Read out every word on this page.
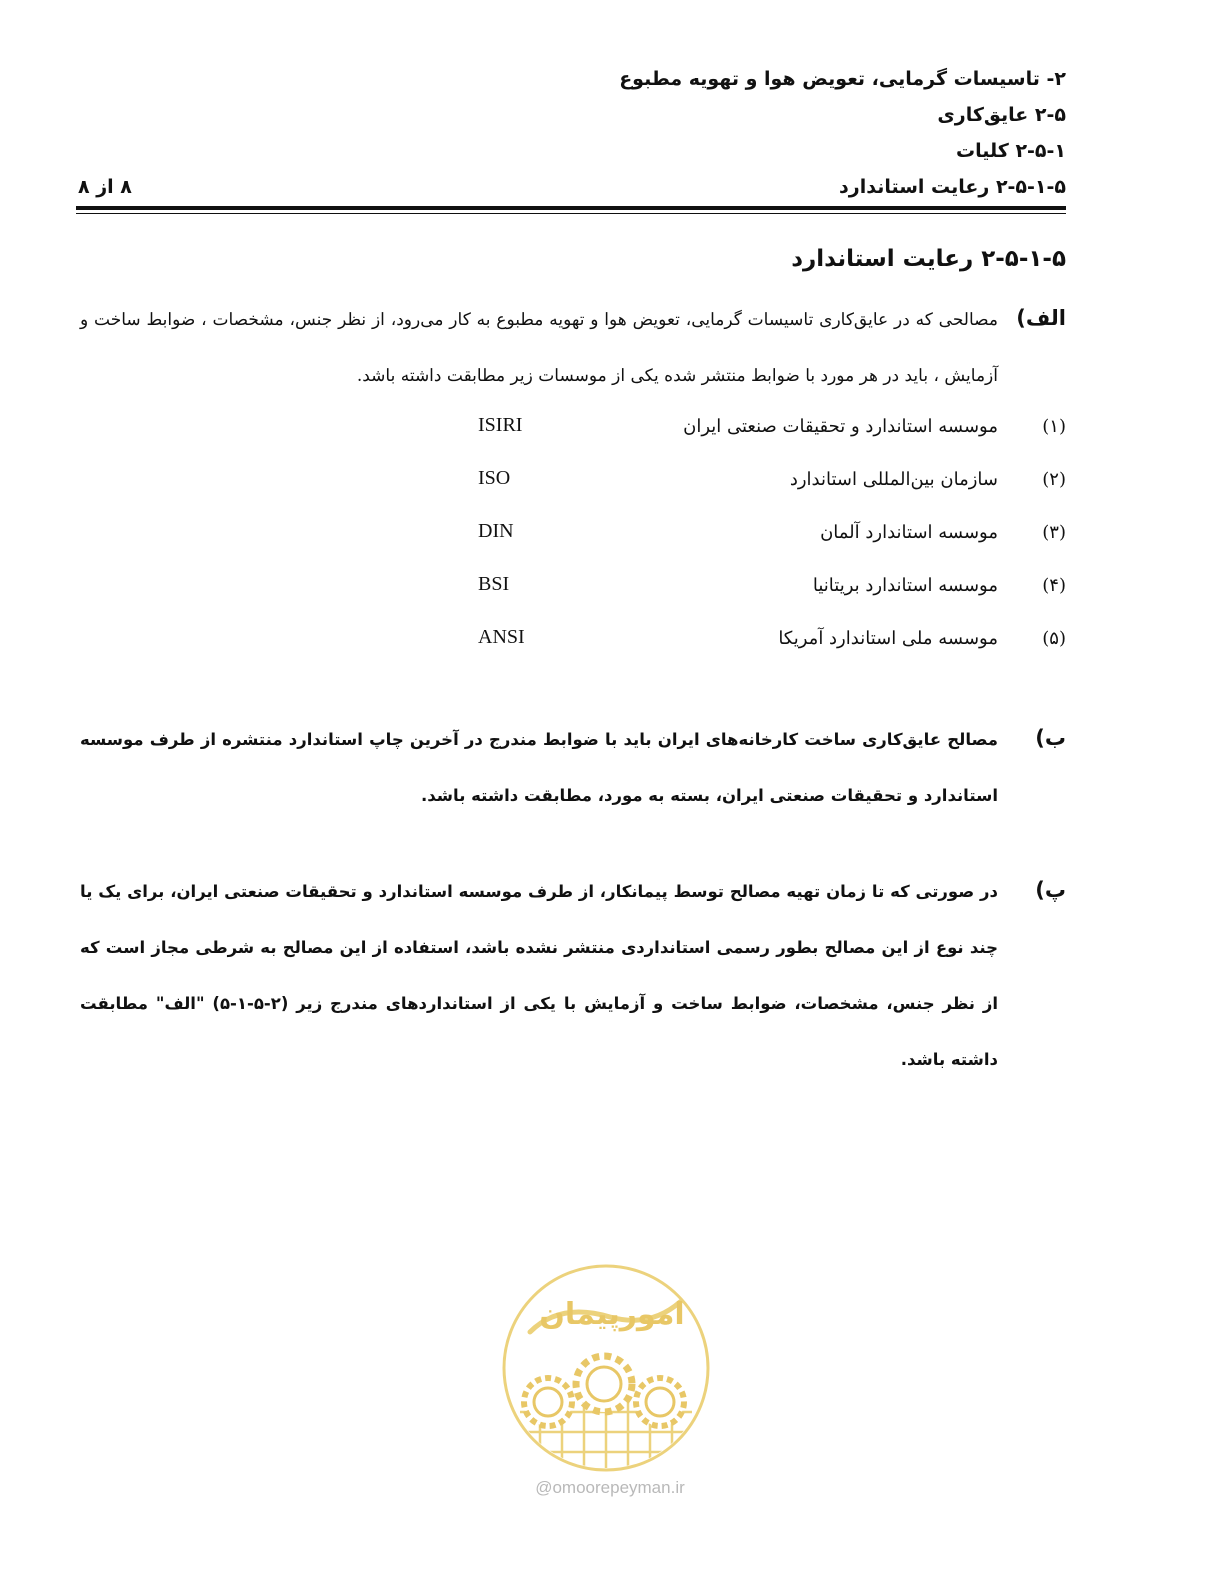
۲- تاسیسات گرمایی، تعویض هوا و تهویه مطبوع
۲-۵ عایق‌کاری
۲-۵-۱ کلیات
۲-۵-۱-۵ رعایت استاندارد
۸ از ۸
۲-۵-۱-۵ رعایت استاندارد
الف)
مصالحی که در عایق‌کاری تاسیسات گرمایی، تعویض هوا و تهویه مطبوع به کار می‌رود، از نظر جنس، مشخصات ، ضوابط ساخت و آزمایش ، باید در هر مورد با ضوابط منتشر شده یکی از موسسات زیر مطابقت داشته باشد.
(۱)
موسسه استاندارد و تحقیقات صنعتی ایران
ISIRI
(۲)
سازمان بین‌المللی استاندارد
ISO
(۳)
موسسه استاندارد آلمان
DIN
(۴)
موسسه استاندارد بریتانیا
BSI
(۵)
موسسه ملی استاندارد آمریکا
ANSI
ب)
مصالح عایق‌کاری ساخت کارخانه‌های ایران باید با ضوابط مندرج در آخرین چاپ استاندارد منتشره از طرف موسسه استاندارد و تحقیقات صنعتی ایران، بسته به مورد، مطابقت داشته باشد.
پ)
در صورتی که تا زمان تهیه مصالح توسط پیمانکار، از طرف موسسه استاندارد و تحقیقات صنعتی ایران، برای یک یا چند نوع از این مصالح بطور رسمی استانداردی منتشر نشده باشد، استفاده از این مصالح به شرطی مجاز است که از نظر جنس، مشخصات، ضوابط ساخت و آزمایش با یکی از استانداردهای مندرج زیر (۲-۵-۱-۵) "الف" مطابقت داشته باشد.
امورپیمان
@omoorepeyman.ir
